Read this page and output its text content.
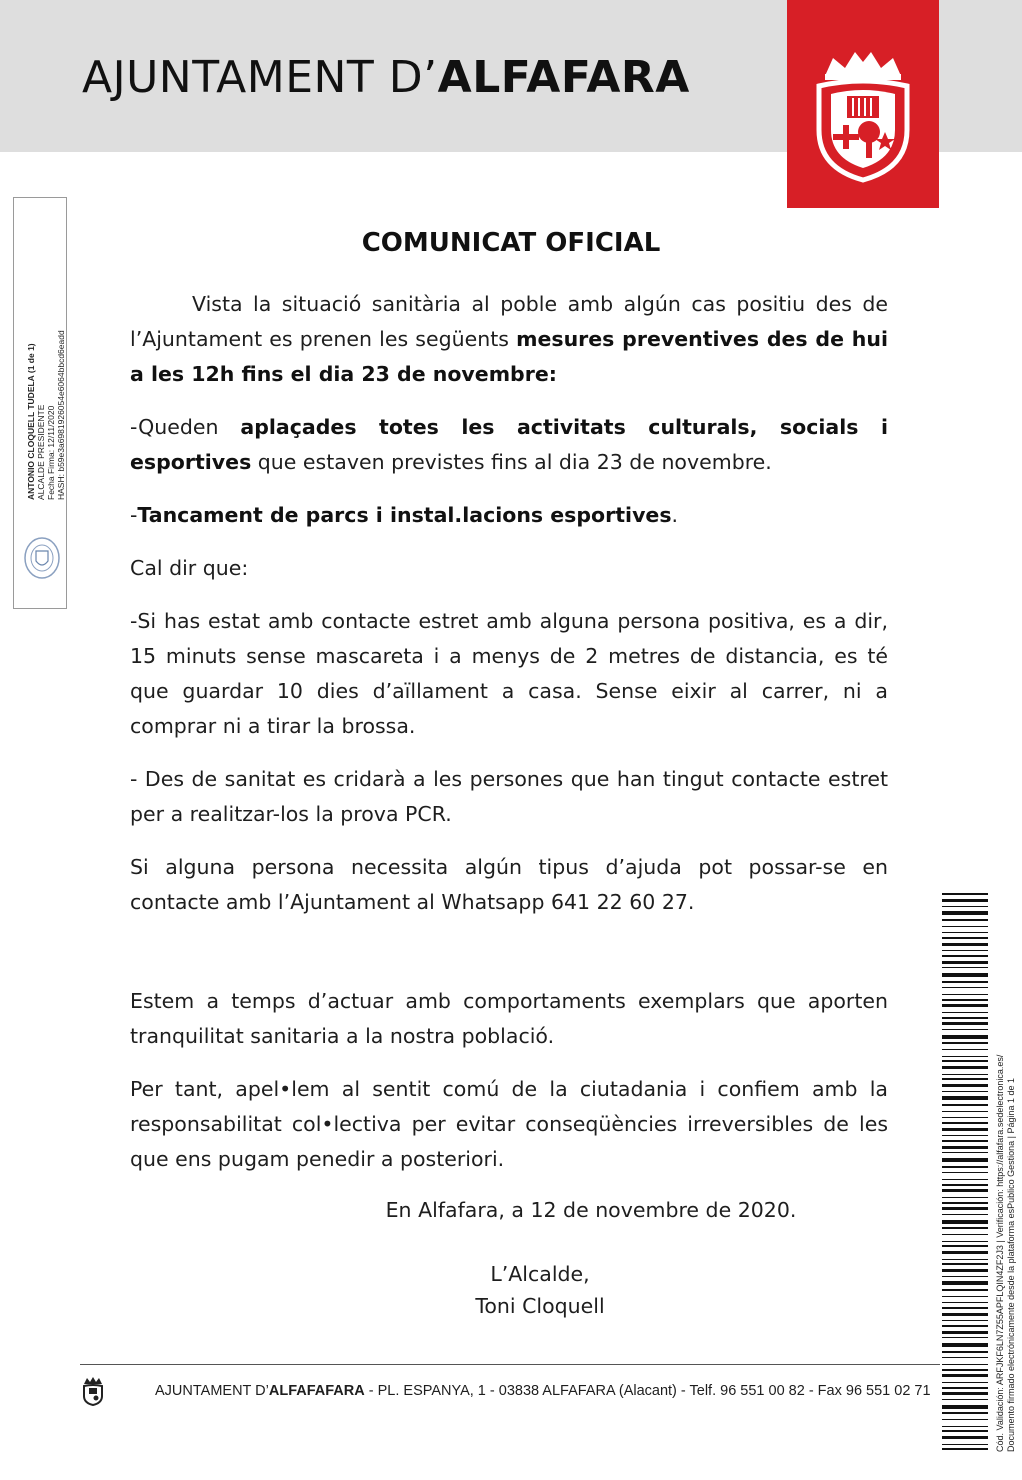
AJUNTAMENT D’ALFAFARA
ANTONIO CLOQUELL TUDELA (1 de 1) ALCALDE PRESIDENTE Fecha Firma: 12/11/2020 HASH: b59e3a6981926054e6064bbcd6eadd
COMUNICAT OFICIAL
Vista la situació sanitària al poble amb algún cas positiu des de l’Ajuntament es prenen les següents mesures preventives des de hui a les 12h fins el dia 23 de novembre:
-Queden aplaçades totes les activitats culturals, socials i esportives que estaven previstes fins al dia 23 de novembre.
-Tancament de parcs i instal.lacions esportives.
Cal dir que:
-Si has estat amb contacte estret amb alguna persona positiva, es a dir, 15 minuts sense mascareta i a menys de 2 metres de distancia, es té que guardar 10 dies d’aïllament a casa. Sense eixir al carrer, ni a comprar ni a tirar la brossa.
- Des de sanitat es cridarà a les persones que han tingut contacte estret per a realitzar-los la prova PCR.
Si alguna persona necessita algún tipus d’ajuda pot possar-se en contacte amb l’Ajuntament al Whatsapp 641 22 60 27.
Estem a temps d’actuar amb comportaments exemplars que aporten tranquilitat sanitaria a la nostra població.
Per tant, apel•lem al sentit comú de la ciutadania i confiem amb la responsabilitat col•lectiva per evitar conseqüències irreversibles de les que ens pugam penedir a posteriori.
En Alfafara, a 12 de novembre de 2020.
L’Alcalde,
Toni Cloquell
AJUNTAMENT D’ALFAFAFARA - PL. ESPANYA, 1 - 03838 ALFAFARA (Alacant) - Telf. 96 551 00 82 - Fax 96 551 02 71	Cód. Validación: ARFJKF6LN7Z55APFLQIN4ZF2J3 | Verificación: https://alfafara.sedelectronica.es/ Documento firmado electrónicamente desde la plataforma esPublico Gestiona | Página 1 de 1
